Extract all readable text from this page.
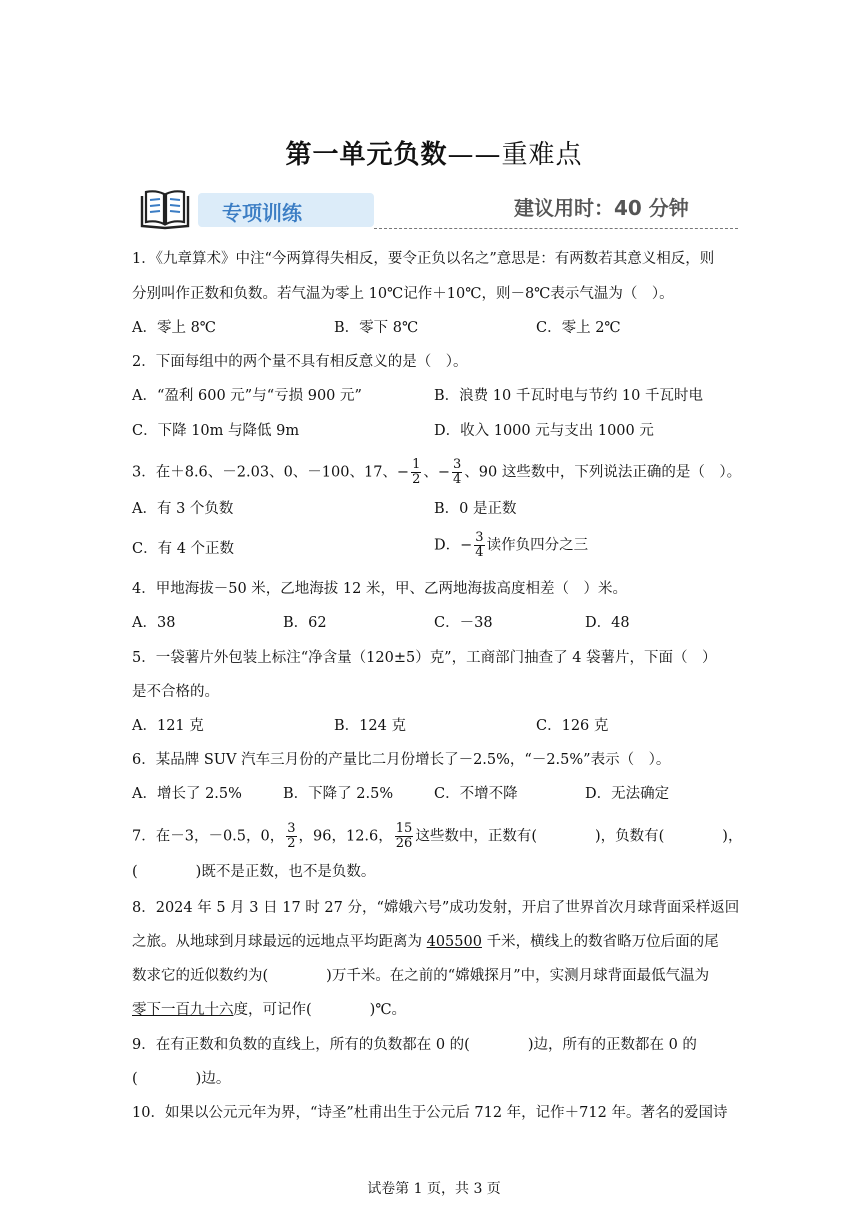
第一单元负数——重难点
专项训练	建议用时：40 分钟
1．《九章算术》中注“今两算得失相反，要令正负以名之”意思是：有两数若其意义相反，则
分别叫作正数和负数。若气温为零上 10℃记作＋10℃，则－8℃表示气温为（　）。
A．零上 8℃	B．零下 8℃	C．零上 2℃
2．下面每组中的两个量不具有相反意义的是（　）。
A．“盈利 600 元”与“亏损 900 元”	B．浪费 10 千瓦时电与节约 10 千瓦时电
C．下降 10m 与降低 9m	D．收入 1000 元与支出 1000 元
3．在＋8.6、－2.03、0、－100、17、− $\frac{1}{2}$ 、− $\frac{3}{4}$ 、90 这些数中，下列说法正确的是（　）。
A．有 3 个负数	B．0 是正数
C．有 4 个正数	D．− $\frac{3}{4}$ 读作负四分之三
4．甲地海拔－50 米，乙地海拔 12 米，甲、乙两地海拔高度相差（　）米。
A．38	B．62	C．－38	D．48
5．一袋薯片外包装上标注“净含量（120±5）克”，工商部门抽查了 4 袋薯片，下面（　）
是不合格的。
A．121 克	B．124 克	C．126 克
6．某品牌 SUV 汽车三月份的产量比二月份增长了－2.5%，“－2.5%”表示（　）。
A．增长了 2.5%	B．下降了 2.5%	C．不增不降	D．无法确定
7．在－3，－0.5，0， $\frac{3}{2}$ ，96，12.6， $\frac{15}{26}$ 这些数中，正数有(　　　　)，负数有(　　　　)，
(　　　　)既不是正数，也不是负数。
8．2024 年 5 月 3 日 17 时 27 分，“嫦娥六号”成功发射，开启了世界首次月球背面采样返回
之旅。从地球到月球最远的远地点平均距离为 405500 千米，横线上的数省略万位后面的尾
数求它的近似数约为(　　　　)万千米。在之前的“嫦娥探月”中，实测月球背面最低气温为
零下一百九十六度，可记作(　　　　)℃。
9．在有正数和负数的直线上，所有的负数都在 0 的(　　　　)边，所有的正数都在 0 的
(　　　　)边。
10．如果以公元元年为界，“诗圣”杜甫出生于公元后 712 年，记作＋712 年。著名的爱国诗
试卷第 1 页，共 3 页
